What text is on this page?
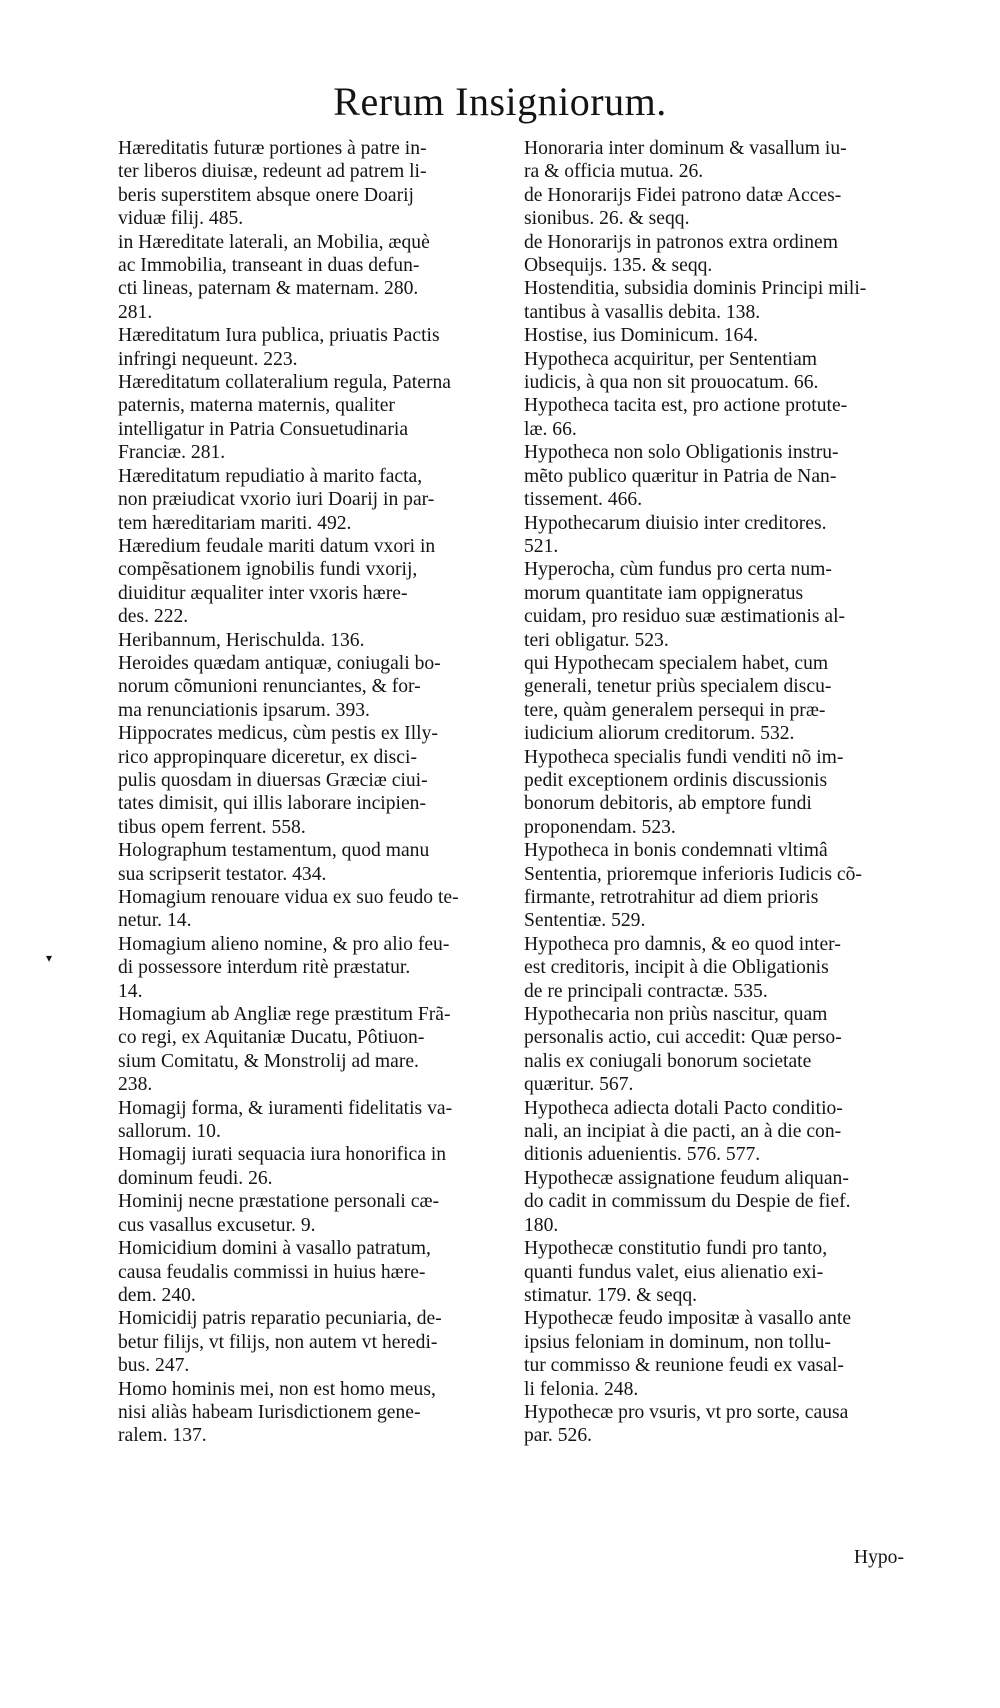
Rerum Insigniorum.
Hæreditatis futuræ portiones à patre in-
ter liberos diuisæ, redeunt ad patrem li-
beris superstitem absque onere Doarij
viduæ filij. 485.
in Hæreditate laterali, an Mobilia, æquè
ac Immobilia, transeant in duas defun-
cti lineas, paternam & maternam. 280.
281.
Hæreditatum Iura publica, priuatis Pactis
infringi nequeunt. 223.
Hæreditatum collateralium regula, Paterna
paternis, materna maternis, qualiter
intelligatur in Patria Consuetudinaria
Franciæ. 281.
Hæreditatum repudiatio à marito facta,
non præiudicat vxorio iuri Doarij in par-
tem hæreditariam mariti. 492.
Hæredium feudale mariti datum vxori in
compẽsationem ignobilis fundi vxorij,
diuiditur æqualiter inter vxoris hære-
des. 222.
Heribannum, Herischulda. 136.
Heroides quædam antiquæ, coniugali bo-
norum cõmunioni renunciantes, & for-
ma renunciationis ipsarum. 393.
Hippocrates medicus, cùm pestis ex Illy-
rico appropinquare diceretur, ex disci-
pulis quosdam in diuersas Græciæ ciui-
tates dimisit, qui illis laborare incipien-
tibus opem ferrent. 558.
Holographum testamentum, quod manu
sua scripserit testator. 434.
Homagium renouare vidua ex suo feudo te-
netur. 14.
Homagium alieno nomine, & pro alio feu-
di possessore interdum ritè præstatur.
14.
Homagium ab Angliæ rege præstitum Frã-
co regi, ex Aquitaniæ Ducatu, Pôtiuon-
sium Comitatu, & Monstrolij ad mare.
238.
Homagij forma, & iuramenti fidelitatis va-
sallorum. 10.
Homagij iurati sequacia iura honorifica in
dominum feudi. 26.
Hominij necne præstatione personali cæ-
cus vasallus excusetur. 9.
Homicidium domini à vasallo patratum,
causa feudalis commissi in huius hære-
dem. 240.
Homicidij patris reparatio pecuniaria, de-
betur filijs, vt filijs, non autem vt heredi-
bus. 247.
Homo hominis mei, non est homo meus,
nisi aliàs habeam Iurisdictionem gene-
ralem. 137.
Honoraria inter dominum & vasallum iu-
ra & officia mutua. 26.
de Honorarijs Fidei patrono datæ Acces-
sionibus. 26. & seqq.
de Honorarijs in patronos extra ordinem
Obsequijs. 135. & seqq.
Hostenditia, subsidia dominis Principi mili-
tantibus à vasallis debita. 138.
Hostise, ius Dominicum. 164.
Hypotheca acquiritur, per Sententiam
iudicis, à qua non sit prouocatum. 66.
Hypotheca tacita est, pro actione protute-
læ. 66.
Hypotheca non solo Obligationis instru-
mẽto publico quæritur in Patria de Nan-
tissement. 466.
Hypothecarum diuisio inter creditores.
521.
Hyperocha, cùm fundus pro certa num-
morum quantitate iam oppigneratus
cuidam, pro residuo suæ æstimationis al-
teri obligatur. 523.
qui Hypothecam specialem habet, cum
generali, tenetur priùs specialem discu-
tere, quàm generalem persequi in præ-
iudicium aliorum creditorum. 532.
Hypotheca specialis fundi venditi nõ im-
pedit exceptionem ordinis discussionis
bonorum debitoris, ab emptore fundi
proponendam. 523.
Hypotheca in bonis condemnati vltimâ
Sententia, prioremque inferioris Iudicis cõ-
firmante, retrotrahitur ad diem prioris
Sententiæ. 529.
Hypotheca pro damnis, & eo quod inter-
est creditoris, incipit à die Obligationis
de re principali contractæ. 535.
Hypothecaria non priùs nascitur, quam
personalis actio, cui accedit: Quæ perso-
nalis ex coniugali bonorum societate
quæritur. 567.
Hypotheca adiecta dotali Pacto conditio-
nali, an incipiat à die pacti, an à die con-
ditionis aduenientis. 576. 577.
Hypothecæ assignatione feudum aliquan-
do cadit in commissum du Despie de fief.
180.
Hypothecæ constitutio fundi pro tanto,
quanti fundus valet, eius alienatio exi-
stimatur. 179. & seqq.
Hypothecæ feudo impositæ à vasallo ante
ipsius feloniam in dominum, non tollu-
tur commisso & reunione feudi ex vasal-
li felonia. 248.
Hypothecæ pro vsuris, vt pro sorte, causa
par. 526.
Hypo-
▾
